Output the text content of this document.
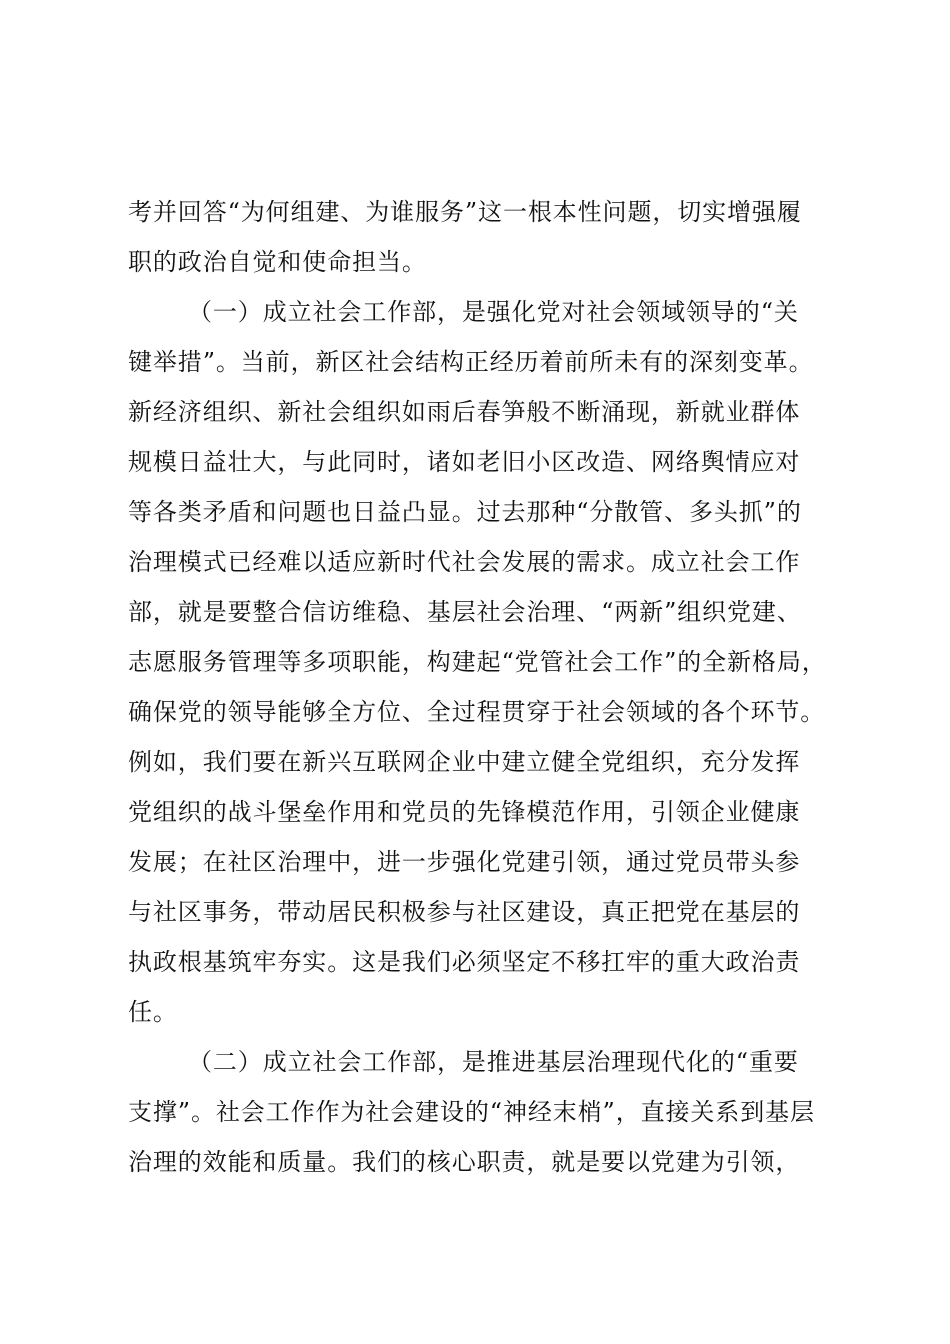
考并回答“为何组建、为谁服务”这一根本性问题，切实增强履
职的政治自觉和使命担当。
（一）成立社会工作部，是强化党对社会领域领导的“关
键举措”。当前，新区社会结构正经历着前所未有的深刻变革。
新经济组织、新社会组织如雨后春笋般不断涌现，新就业群体
规模日益壮大，与此同时，诸如老旧小区改造、网络舆情应对
等各类矛盾和问题也日益凸显。过去那种“分散管、多头抓”的
治理模式已经难以适应新时代社会发展的需求。成立社会工作
部，就是要整合信访维稳、基层社会治理、“两新”组织党建、
志愿服务管理等多项职能，构建起“党管社会工作”的全新格局，
确保党的领导能够全方位、全过程贯穿于社会领域的各个环节。
例如，我们要在新兴互联网企业中建立健全党组织，充分发挥
党组织的战斗堡垒作用和党员的先锋模范作用，引领企业健康
发展；在社区治理中，进一步强化党建引领，通过党员带头参
与社区事务，带动居民积极参与社区建设，真正把党在基层的
执政根基筑牢夯实。这是我们必须坚定不移扛牢的重大政治责
任。
（二）成立社会工作部，是推进基层治理现代化的“重要
支撑”。社会工作作为社会建设的“神经末梢”，直接关系到基层
治理的效能和质量。我们的核心职责，就是要以党建为引领，
